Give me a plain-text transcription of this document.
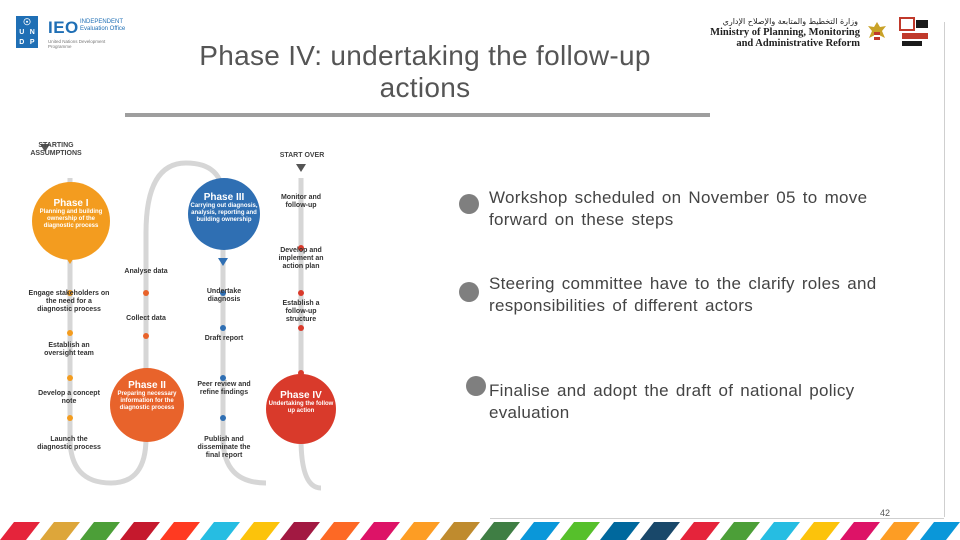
☉
U N
D P
IEO INDEPENDENT Evaluation Office
United Nations Development Programme
وزارة التخطيط والمتابعة والإصلاح الإداري
Ministry of Planning, Monitoring
and Administrative Reform
Phase IV: undertaking the follow-up actions
STARTING ASSUMPTIONS	START OVER
Phase I
Planning and building ownership of the diagnostic process
Phase II
Preparing necessary information for the diagnostic process
Phase III
Carrying out diagnosis, analysis, reporting and building ownership
Phase IV
Undertaking the follow up action
Engage stakeholders on the need for a diagnostic process
Establish an oversight team
Develop a concept note
Launch the diagnostic process
Analyse data
Collect data
Undertake diagnosis
Draft report
Peer review and refine findings
Publish and disseminate the final report
Monitor and follow-up
Develop and implement an action plan
Establish a follow-up structure
Workshop scheduled on November 05 to move forward on these steps
Steering committee have to the clarify roles and responsibilities of different actors
Finalise and adopt the draft of national policy evaluation
42
